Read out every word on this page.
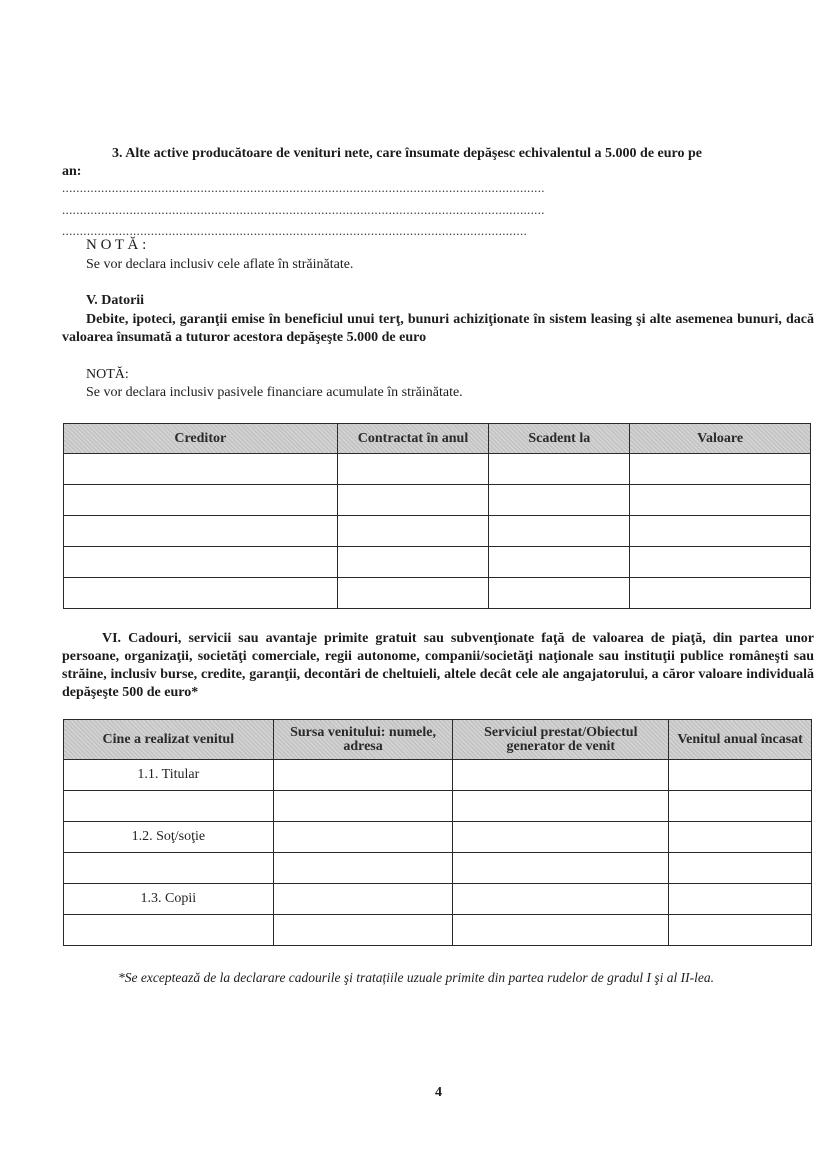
3. Alte active producătoare de venituri nete, care însumate depăşesc echivalentul a 5.000 de euro pe
an:
........................................................................................................................................
........................................................................................................................................
...................................................................................................................................
N O T Ă :
Se vor declara inclusiv cele aflate în străinătate.
V. Datorii
Debite, ipoteci, garanţii emise în beneficiul unui terţ, bunuri achiziţionate în sistem leasing şi alte asemenea bunuri, dacă valoarea însumată a tuturor acestora depăşeşte 5.000 de euro
NOTĂ:
Se vor declara inclusiv pasivele financiare acumulate în străinătate.
Creditor	Contractat în anul	Scadent la	Valoare

VI. Cadouri, servicii sau avantaje primite gratuit sau subvenţionate faţă de valoarea de piaţă, din partea unor persoane, organizaţii, societăţi comerciale, regii autonome, companii/societăţi naţionale sau instituţii publice româneşti sau străine, inclusiv burse, credite, garanţii, decontări de cheltuieli, altele decât cele ale angajatorului, a căror valoare individuală depăşeşte 500 de euro*
Cine a realizat venitul	Sursa venitului: numele, adresa	Serviciul prestat/Obiectul generator de venit	Venitul anual încasat
1.1. Titular			

1.2. Soţ/soţie			

1.3. Copii			

*Se exceptează de la declarare cadourile şi tratațiile uzuale primite din partea rudelor de gradul I şi al II-lea.
4
